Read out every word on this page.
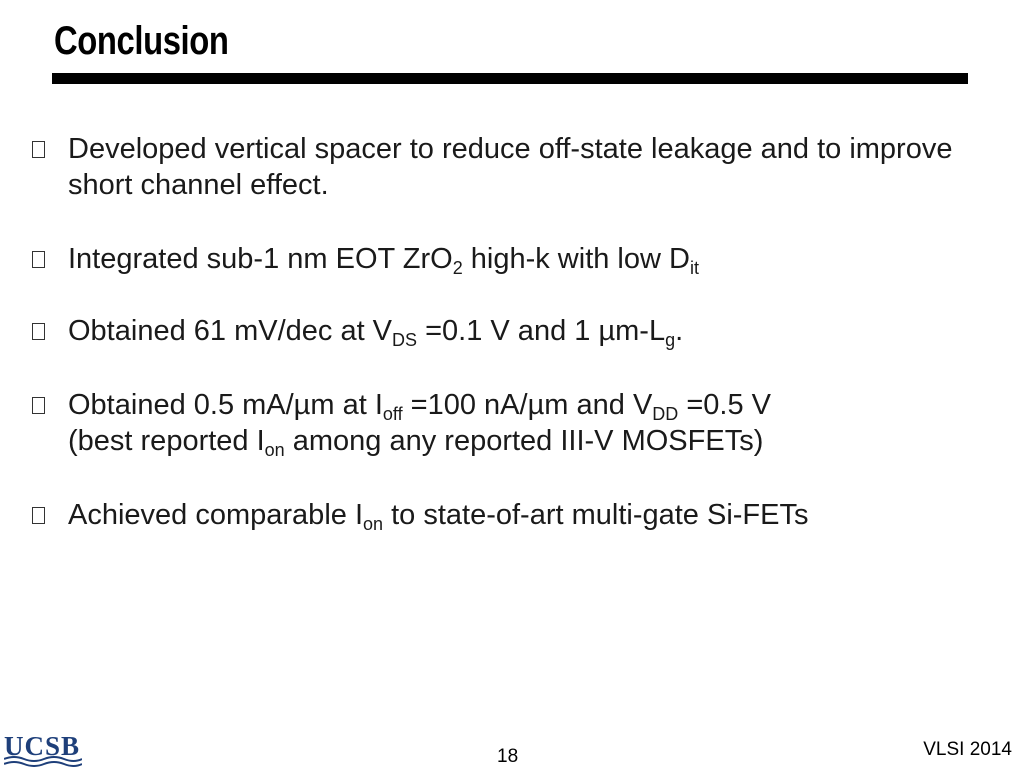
Conclusion
Developed vertical spacer to reduce off-state leakage and to improve short channel effect.
Integrated sub-1 nm EOT ZrO$_2$ high-k with low $D_{it}$
Obtained 61 mV/dec at $V_{DS} =0.1$ V and 1 $\mu m-L_g$.
Obtained 0.5 mA/µm at $I_{off} =100$ nA/µm and $V_{DD} =0.5$ V
(best reported $I_{on}$ among any reported III-V MOSFETs)
Achieved comparable $I_{on}$ to state-of-art multi-gate Si-FETs
UCSB	18	VLSI 2014
